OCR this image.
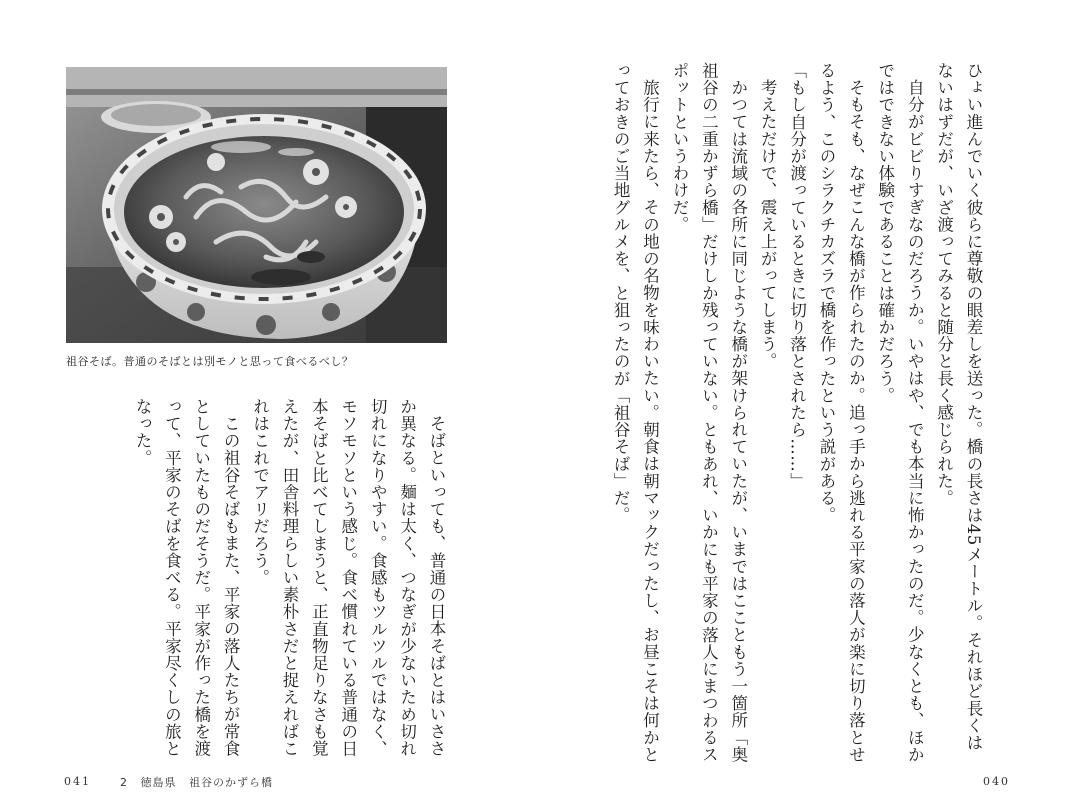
祖谷そば。普通のそばとは別モノと思って食べるべし？	ひょい進んでいく彼らに尊敬の眼差しを送った。橋の長さは45メートル。それほど長くはないはずだが、いざ渡ってみると随分と長く感じられた。

自分がビビりすぎなのだろうか。いやはや、でも本当に怖かったのだ。少なくとも、ほかではできない体験であることは確かだろう。

そもそも、なぜこんな橋が作られたのか。追っ手から逃れる平家の落人が楽に切り落とせるよう、このシラクチカズラで橋を作ったという説がある。

「もし自分が渡っているときに切り落とされたら……」

考えただけで、震え上がってしまう。

かつては流域の各所に同じような橋が架けられていたが、いまではここともう一箇所「奥祖谷の二重かずら橋」だけしか残っていない。ともあれ、いかにも平家の落人にまつわるスポットというわけだ。

旅行に来たら、その地の名物を味わいたい。朝食は朝マックだったし、お昼こそは何かとっておきのご当地グルメを、と狙ったのが「祖谷そば」だ。

そばといっても、普通の日本そばとはいささか異なる。麺は太く、つなぎが少ないため切れ切れになりやすい。食感もツルツルではなく、モソモソという感じ。食べ慣れている普通の日本そばと比べてしまうと、正直物足りなさも覚えたが、田舎料理らしい素朴さだと捉えればこれはこれでアリだろう。

この祖谷そばもまた、平家の落人たちが常食としていたものだそうだ。平家が作った橋を渡って、平家のそばを食べる。平家尽くしの旅となった。

041	2 徳島県 祖谷のかずら橋	040
